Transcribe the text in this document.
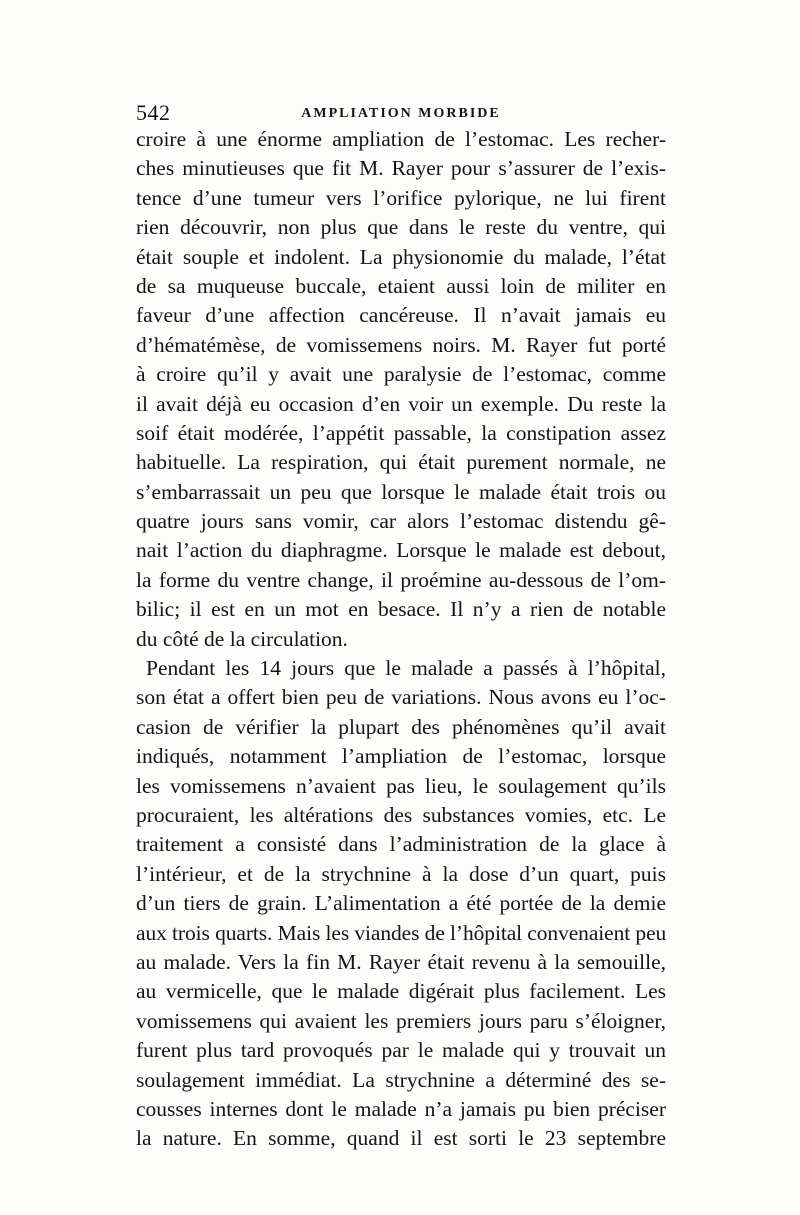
542	AMPLIATION MORBIDE
croire à une énorme ampliation de l’estomac. Les recher-
ches minutieuses que fit M. Rayer pour s’assurer de l’exis-
tence d’une tumeur vers l’orifice pylorique, ne lui firent
rien découvrir, non plus que dans le reste du ventre, qui
était souple et indolent. La physionomie du malade, l’état
de sa muqueuse buccale, etaient aussi loin de militer en
faveur d’une affection cancéreuse. Il n’avait jamais eu
d’hématémèse, de vomissemens noirs. M. Rayer fut porté
à croire qu’il y avait une paralysie de l’estomac, comme
il avait déjà eu occasion d’en voir un exemple. Du reste la
soif était modérée, l’appétit passable, la constipation assez
habituelle. La respiration, qui était purement normale, ne
s’embarrassait un peu que lorsque le malade était trois ou
quatre jours sans vomir, car alors l’estomac distendu gê-
nait l’action du diaphragme. Lorsque le malade est debout,
la forme du ventre change, il proémine au-dessous de l’om-
bilic; il est en un mot en besace. Il n’y a rien de notable
du côté de la circulation.
Pendant les 14 jours que le malade a passés à l’hôpital,
son état a offert bien peu de variations. Nous avons eu l’oc-
casion de vérifier la plupart des phénomènes qu’il avait
indiqués, notamment l’ampliation de l’estomac, lorsque
les vomissemens n’avaient pas lieu, le soulagement qu’ils
procuraient, les altérations des substances vomies, etc. Le
traitement a consisté dans l’administration de la glace à
l’intérieur, et de la strychnine à la dose d’un quart, puis
d’un tiers de grain. L’alimentation a été portée de la demie
aux trois quarts. Mais les viandes de l’hôpital convenaient peu
au malade. Vers la fin M. Rayer était revenu à la semouille,
au vermicelle, que le malade digérait plus facilement. Les
vomissemens qui avaient les premiers jours paru s’éloigner,
furent plus tard provoqués par le malade qui y trouvait un
soulagement immédiat. La strychnine a déterminé des se-
cousses internes dont le malade n’a jamais pu bien préciser
la nature. En somme, quand il est sorti le 23 septembre
